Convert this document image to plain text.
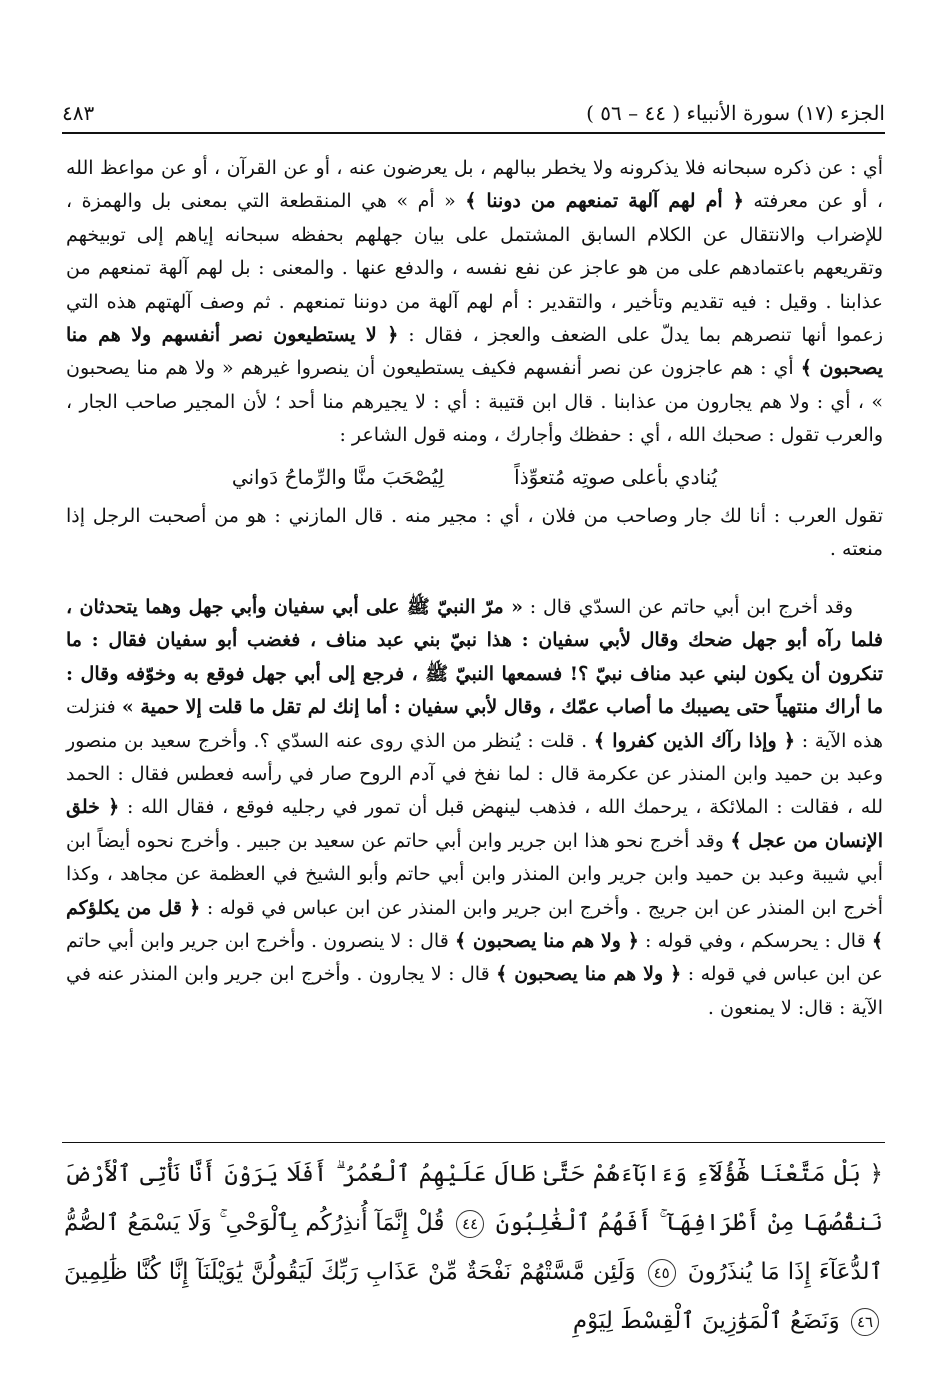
الجزء (١٧) سورة الأنبياء ( ٤٤ – ٥٦ )
٤٨٣

أي : عن ذكره سبحانه فلا يذكرونه ولا يخطر ببالهم ، بل يعرضون عنه ، أو عن القرآن ، أو عن مواعظ الله ، أو عن معرفته ﴿ أم لهم آلهة تمنعهم من دوننا ﴾ « أم » هي المنقطعة التي بمعنى بل والهمزة ، للإضراب والانتقال عن الكلام السابق المشتمل على بيان جهلهم بحفظه سبحانه إياهم إلى توبيخهم وتقريعهم باعتمادهم على من هو عاجز عن نفع نفسه ، والدفع عنها . والمعنى : بل لهم آلهة تمنعهم من عذابنا . وقيل : فيه تقديم وتأخير ، والتقدير : أم لهم آلهة من دوننا تمنعهم . ثم وصف آلهتهم هذه التي زعموا أنها تنصرهم بما يدلّ على الضعف والعجز ، فقال : ﴿ لا يستطيعون نصر أنفسهم ولا هم منا يصحبون ﴾ أي : هم عاجزون عن نصر أنفسهم فكيف يستطيعون أن ينصروا غيرهم « ولا هم منا يصحبون » ، أي : ولا هم يجارون من عذابنا . قال ابن قتيبة : أي : لا يجيرهم منا أحد ؛ لأن المجير صاحب الجار ، والعرب تقول : صحبك الله ، أي : حفظك وأجارك ، ومنه قول الشاعر :

يُنادي بأعلى صوتِه مُتعوِّذاً
لِيُصْحَبَ منَّا والرِّماحُ دَواني

تقول العرب : أنا لك جار وصاحب من فلان ، أي : مجير منه . قال المازني : هو من أصحبت الرجل إذا منعته .

وقد أخرج ابن أبي حاتم عن السدّي قال : « مرّ النبيّ ﷺ على أبي سفيان وأبي جهل وهما يتحدثان ، فلما رآه أبو جهل ضحك وقال لأبي سفيان : هذا نبيّ بني عبد مناف ، فغضب أبو سفيان فقال : ما تنكرون أن يكون لبني عبد مناف نبيّ ؟! فسمعها النبيّ ﷺ ، فرجع إلى أبي جهل فوقع به وخوّفه وقال : ما أراك منتهياً حتى يصيبك ما أصاب عمّك ، وقال لأبي سفيان : أما إنك لم تقل ما قلت إلا حمية » فنزلت هذه الآية : ﴿ وإذا رآك الذين كفروا ﴾ . قلت : يُنظر من الذي روى عنه السدّي ؟. وأخرج سعيد بن منصور وعبد بن حميد وابن المنذر عن عكرمة قال : لما نفخ في آدم الروح صار في رأسه فعطس فقال : الحمد لله ، فقالت : الملائكة ، يرحمك الله ، فذهب لينهض قبل أن تمور في رجليه فوقع ، فقال الله : ﴿ خلق الإنسان من عجل ﴾ وقد أخرج نحو هذا ابن جرير وابن أبي حاتم عن سعيد بن جبير . وأخرج نحوه أيضاً ابن أبي شيبة وعبد بن حميد وابن جرير وابن المنذر وابن أبي حاتم وأبو الشيخ في العظمة عن مجاهد ، وكذا أخرج ابن المنذر عن ابن جريج . وأخرج ابن جرير وابن المنذر عن ابن عباس في قوله : ﴿ قل من يكلؤكم ﴾ قال : يحرسكم ، وفي قوله : ﴿ ولا هم منا يصحبون ﴾ قال : لا ينصرون . وأخرج ابن جرير وابن أبي حاتم عن ابن عباس في قوله : ﴿ ولا هم منا يصحبون ﴾ قال : لا يجارون . وأخرج ابن جرير وابن المنذر عنه في الآية : قال: لا يمنعون .

﴿ بَلْ مَتَّعْنَا هَٰٓؤُلَآءِ وَءَابَآءَهُمْ حَتَّىٰ طَالَ عَلَيْهِمُ ٱلْعُمُرُ ۗ أَفَلَا يَرَوْنَ أَنَّا نَأْتِى ٱلْأَرْضَ نَنقُصُهَا مِنْ أَطْرَافِهَآ ۚ أَفَهُمُ ٱلْغَٰلِبُونَ ٤٤ قُلْ إِنَّمَآ أُنذِرُكُم بِٱلْوَحْىِ ۚ وَلَا يَسْمَعُ ٱلصُّمُّ ٱلدُّعَآءَ إِذَا مَا يُنذَرُونَ ٤٥ وَلَئِن مَّسَّتْهُمْ نَفْحَةٌ مِّنْ عَذَابِ رَبِّكَ لَيَقُولُنَّ يَٰوَيْلَنَآ إِنَّا كُنَّا ظَٰلِمِينَ ٤٦ وَنَضَعُ ٱلْمَوَٰزِينَ ٱلْقِسْطَ لِيَوْمِ
